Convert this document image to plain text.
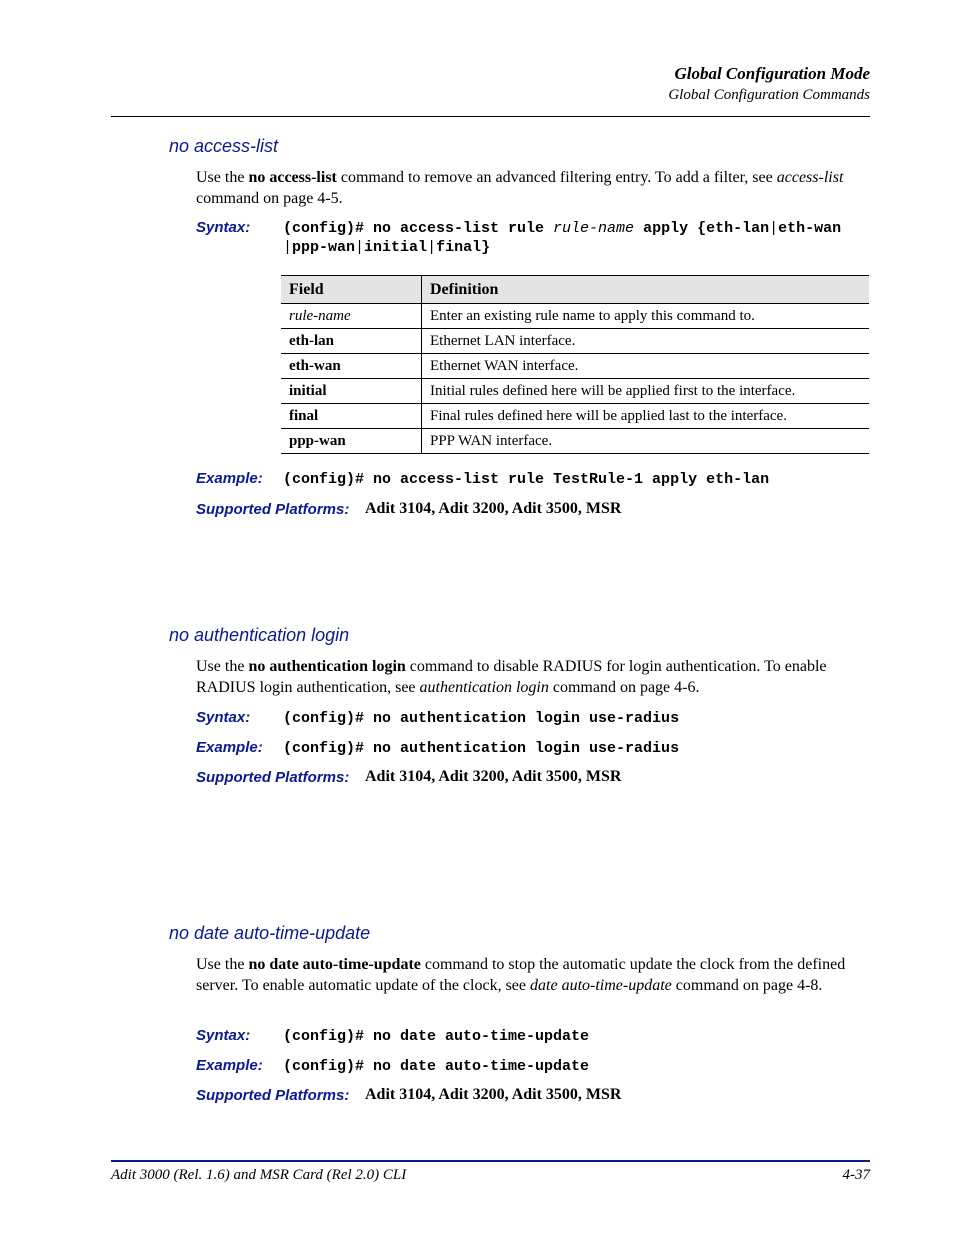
Global Configuration Mode
Global Configuration Commands
no access-list
Use the no access-list command to remove an advanced filtering entry. To add a filter, see access-list command on page 4-5.
Syntax: (config)# no access-list rule rule-name apply {eth-lan|eth-wan
|ppp-wan|initial|final}
Field	Definition
rule-name	Enter an existing rule name to apply this command to.
eth-lan	Ethernet LAN interface.
eth-wan	Ethernet WAN interface.
initial	Initial rules defined here will be applied first to the interface.
final	Final rules defined here will be applied last to the interface.
ppp-wan	PPP WAN interface.
Example: (config)# no access-list rule TestRule-1 apply eth-lan
Supported Platforms: Adit 3104, Adit 3200, Adit 3500, MSR
no authentication login
Use the no authentication login command to disable RADIUS for login authentication. To enable RADIUS login authentication, see authentication login command on page 4-6.
Syntax: (config)# no authentication login use-radius
Example: (config)# no authentication login use-radius
Supported Platforms: Adit 3104, Adit 3200, Adit 3500, MSR
no date auto-time-update
Use the no date auto-time-update command to stop the automatic update the clock from the defined server. To enable automatic update of the clock, see date auto-time-update command on page 4-8.
Syntax: (config)# no date auto-time-update
Example: (config)# no date auto-time-update
Supported Platforms: Adit 3104, Adit 3200, Adit 3500, MSR
Adit 3000 (Rel. 1.6) and MSR Card (Rel 2.0) CLI	4-37
